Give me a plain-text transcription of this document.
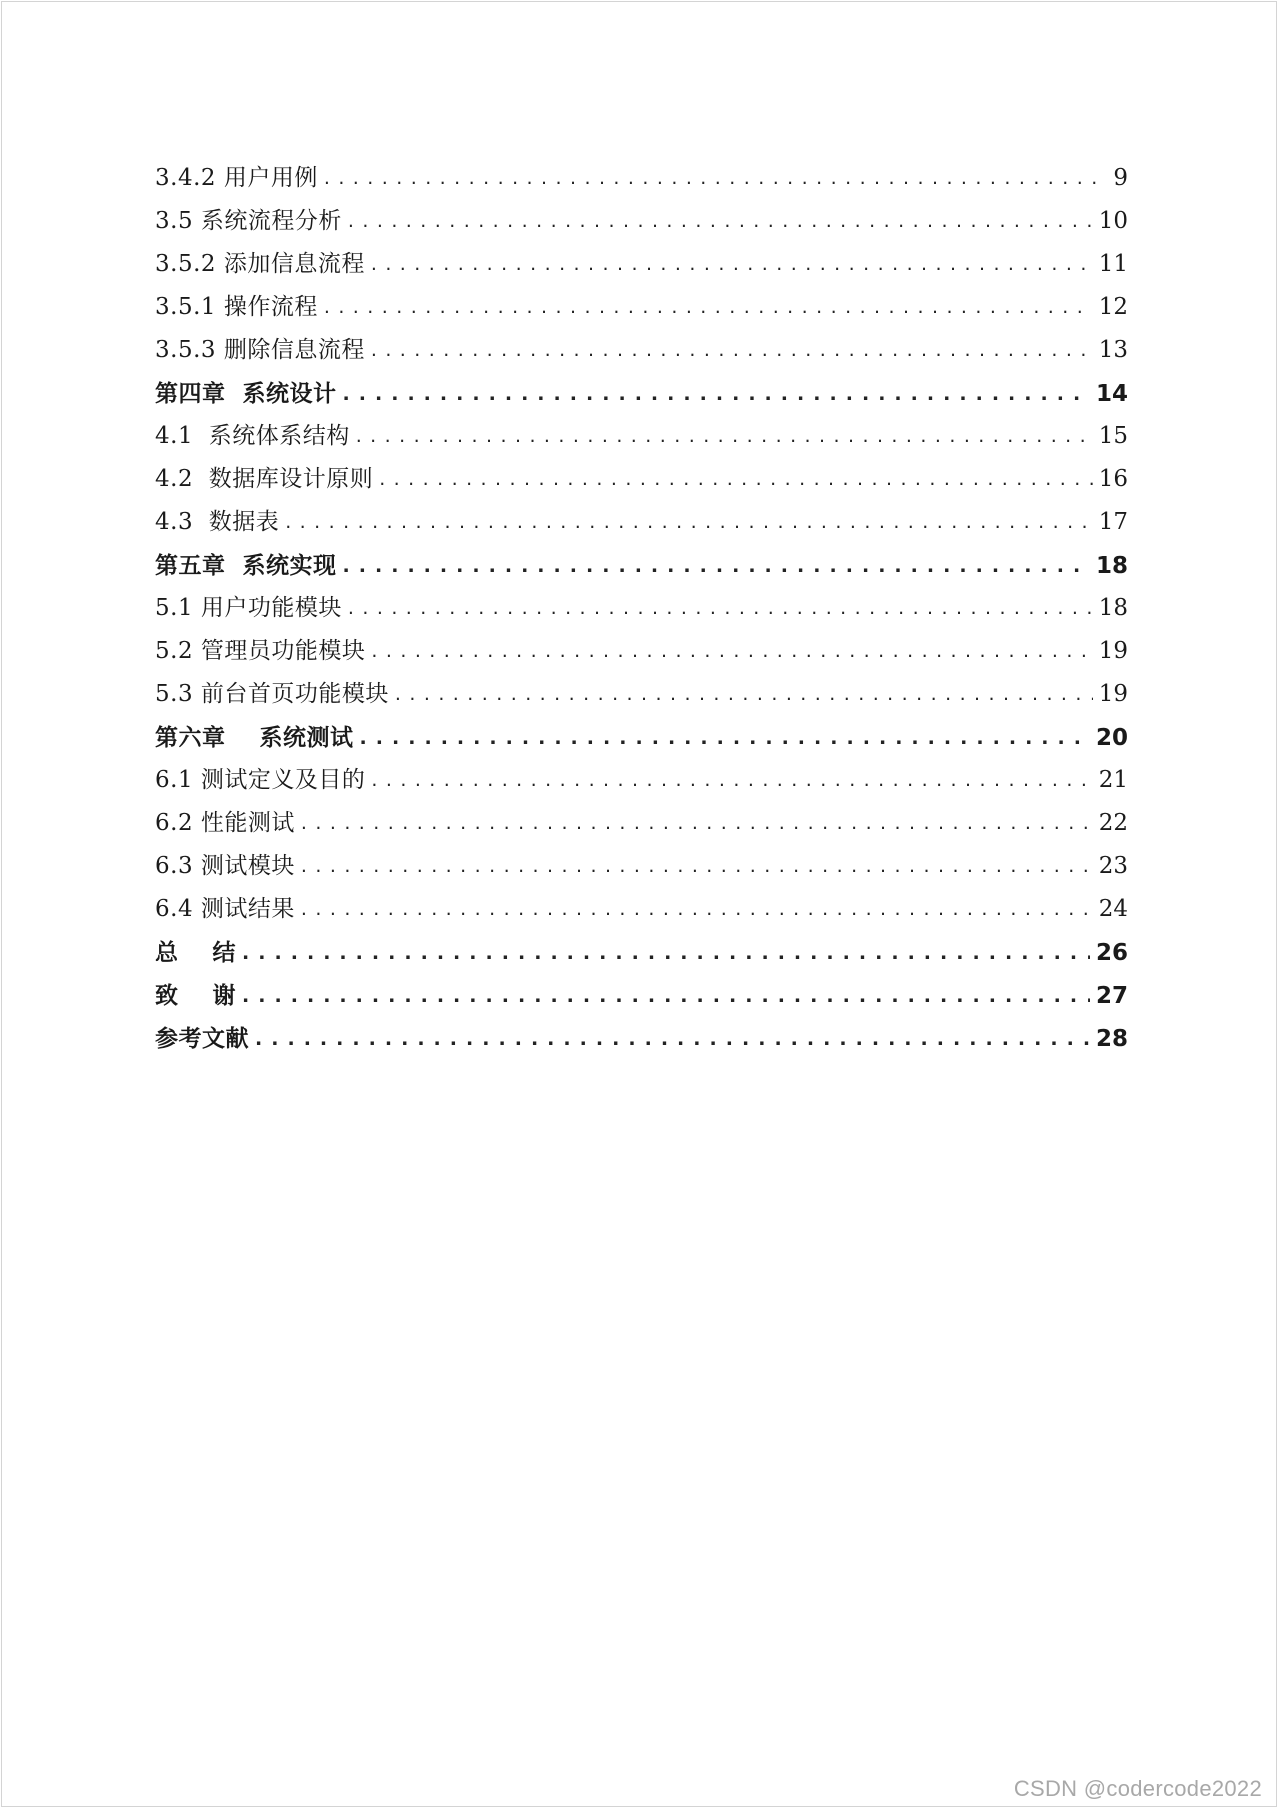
3.4.2 用户用例 . . .	9
3.5 系统流程分析 . . .	10
3.5.2 添加信息流程 . . .	11
3.5.1 操作流程 . . .	12
3.5.3 删除信息流程 . . .	13
第四章  系统设计 . . .	14
4.1  系统体系结构 . . .	15
4.2  数据库设计原则 . . .	16
4.3  数据表 . . .	17
第五章  系统实现 . . .	18
5.1 用户功能模块 . . .	18
5.2 管理员功能模块 . . .	19
5.3 前台首页功能模块 . . .	19
第六章    系统测试 . . .	20
6.1 测试定义及目的 . . .	21
6.2 性能测试 . . .	22
6.3 测试模块 . . .	23
6.4 测试结果 . . .	24
总    结 . . .	26
致    谢 . . .	27
参考文献 . . .	28
CSDN @codercode2022
